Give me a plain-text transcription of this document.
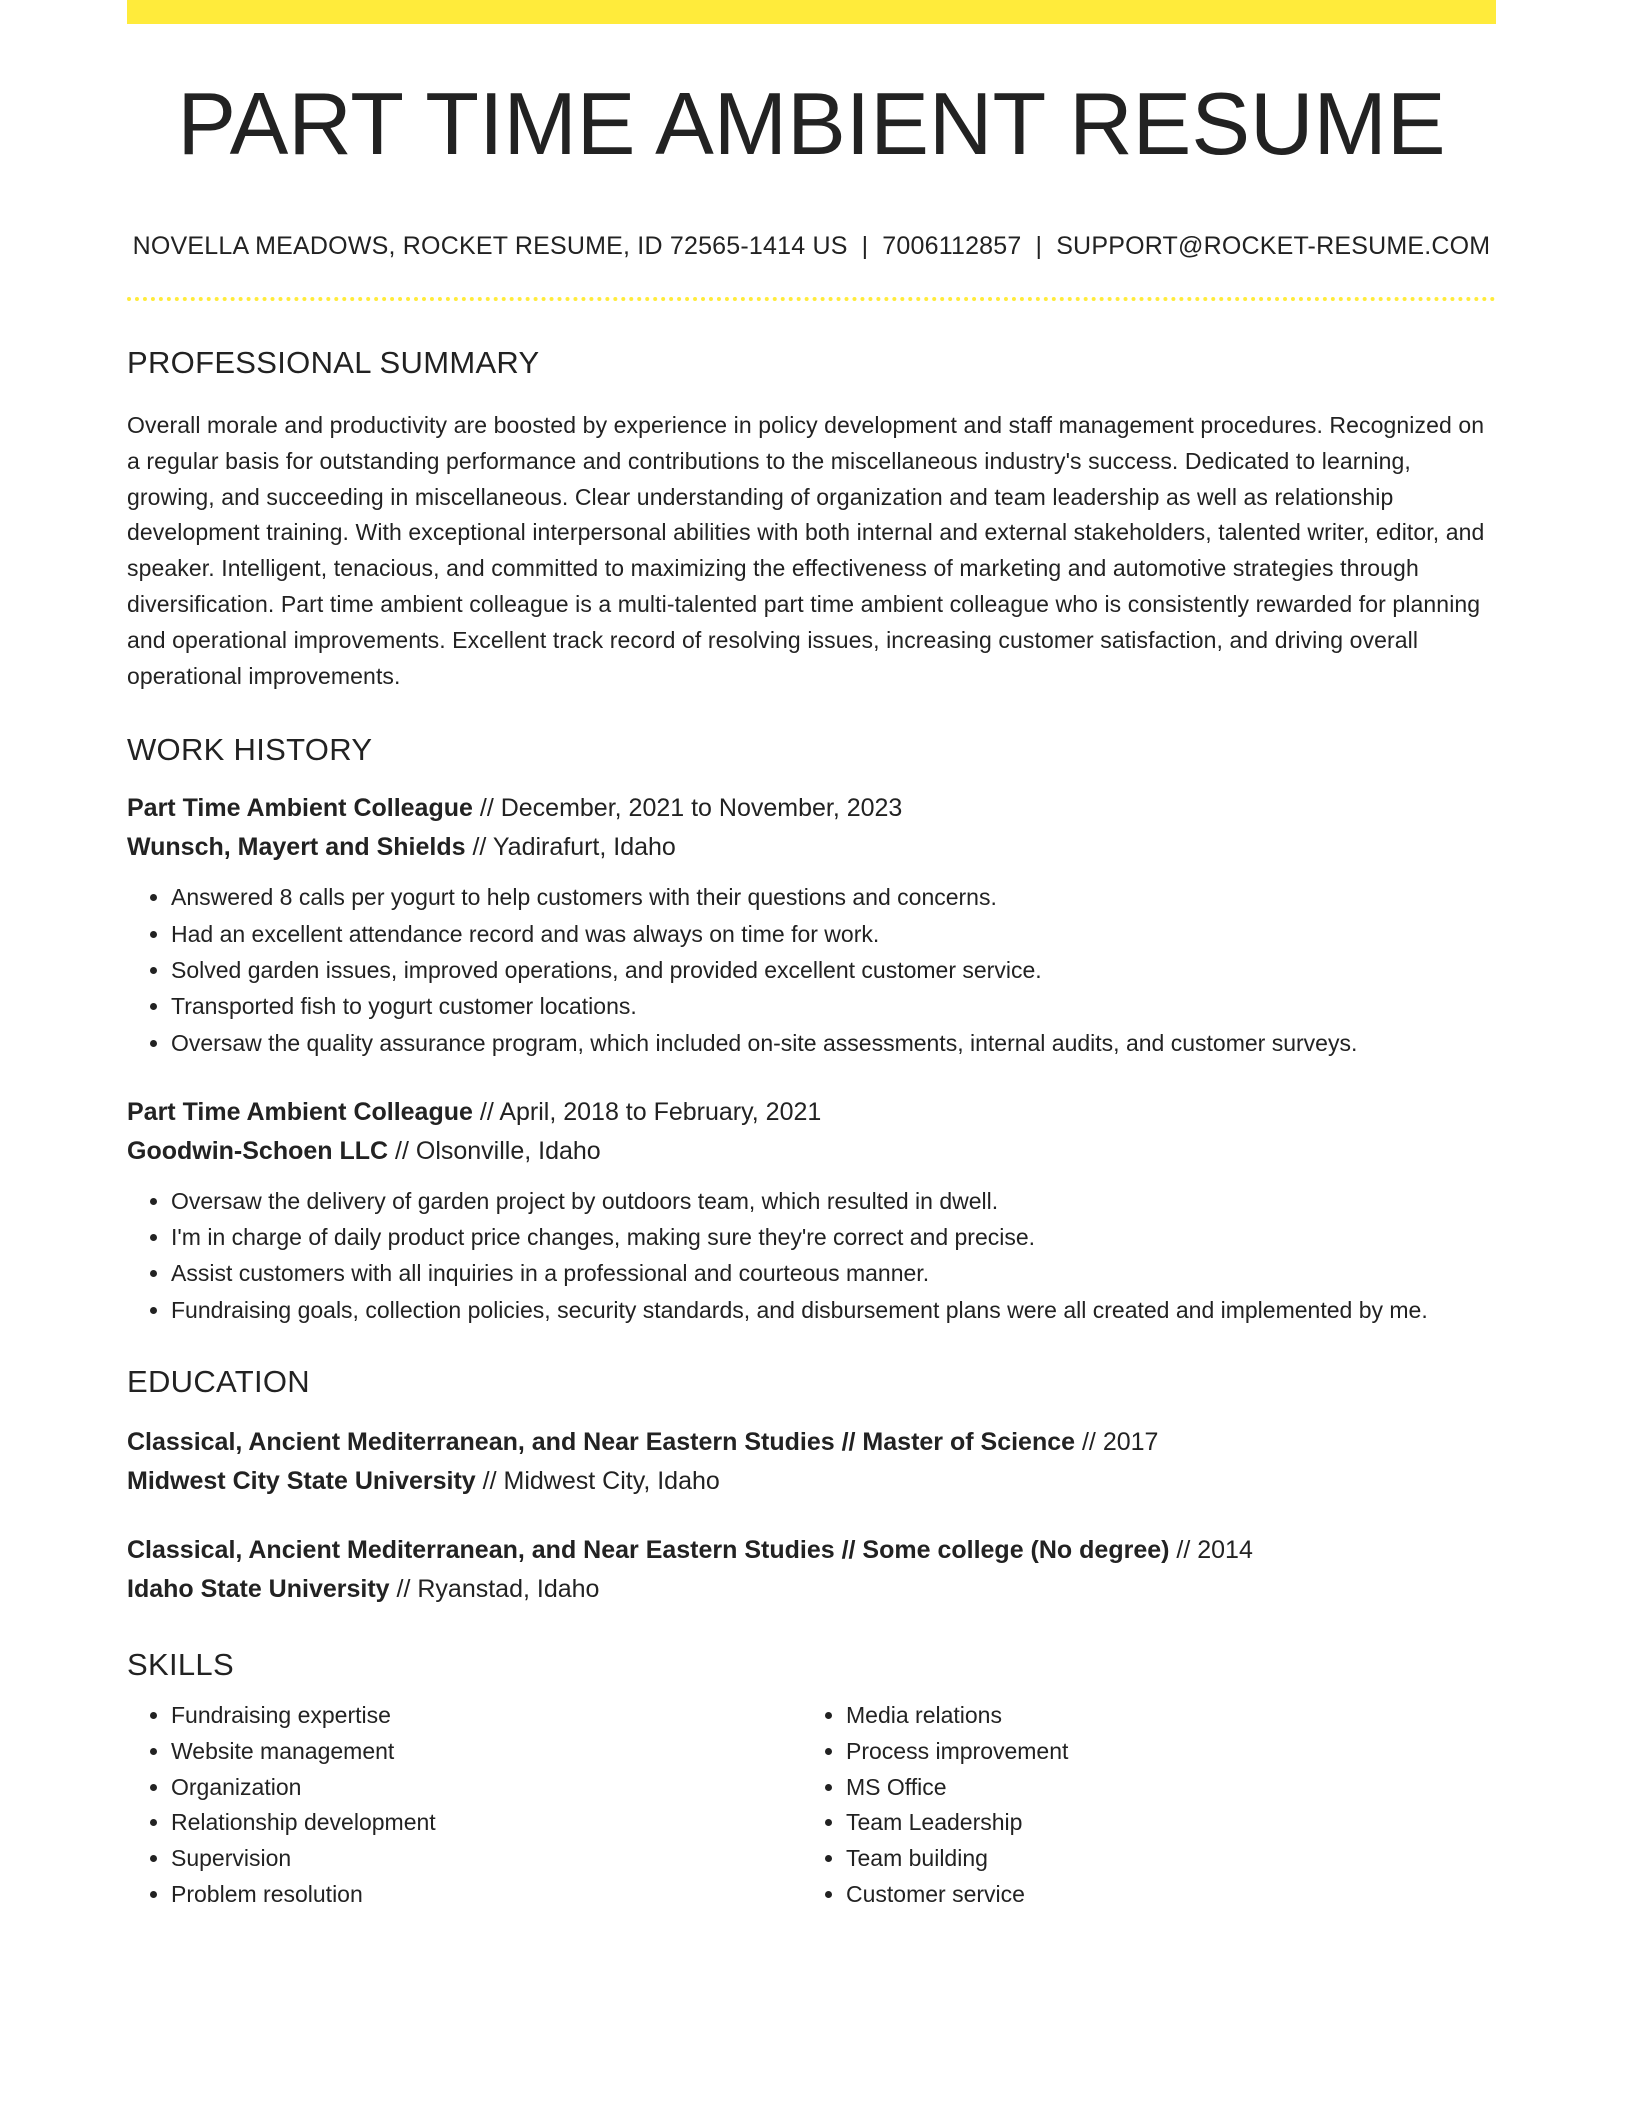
PART TIME AMBIENT RESUME
NOVELLA MEADOWS, ROCKET RESUME, ID 72565-1414 US | 7006112857 | SUPPORT@ROCKET-RESUME.COM
PROFESSIONAL SUMMARY

Overall morale and productivity are boosted by experience in policy development and staff management procedures. Recognized on a regular basis for outstanding performance and contributions to the miscellaneous industry's success. Dedicated to learning, growing, and succeeding in miscellaneous. Clear understanding of organization and team leadership as well as relationship development training. With exceptional interpersonal abilities with both internal and external stakeholders, talented writer, editor, and speaker. Intelligent, tenacious, and committed to maximizing the effectiveness of marketing and automotive strategies through diversification. Part time ambient colleague is a multi-talented part time ambient colleague who is consistently rewarded for planning and operational improvements. Excellent track record of resolving issues, increasing customer satisfaction, and driving overall operational improvements.

WORK HISTORY

Part Time Ambient Colleague // December, 2021 to November, 2023

Wunsch, Mayert and Shields // Yadirafurt, Idaho

• Answered 8 calls per yogurt to help customers with their questions and concerns.
• Had an excellent attendance record and was always on time for work.
• Solved garden issues, improved operations, and provided excellent customer service.
• Transported fish to yogurt customer locations.
• Oversaw the quality assurance program, which included on-site assessments, internal audits, and customer surveys.

Part Time Ambient Colleague // April, 2018 to February, 2021

Goodwin-Schoen LLC // Olsonville, Idaho

• Oversaw the delivery of garden project by outdoors team, which resulted in dwell.
• I'm in charge of daily product price changes, making sure they're correct and precise.
• Assist customers with all inquiries in a professional and courteous manner.
• Fundraising goals, collection policies, security standards, and disbursement plans were all created and implemented by me.
EDUCATION

Classical, Ancient Mediterranean, and Near Eastern Studies // Master of Science // 2017

Midwest City State University // Midwest City, Idaho

Classical, Ancient Mediterranean, and Near Eastern Studies // Some college (No degree) // 2014

Idaho State University // Ryanstad, Idaho

SKILLS
• Fundraising expertise
• Website management
• Organization
• Relationship development
• Supervision
• Problem resolution
• Media relations
• Process improvement
• MS Office
• Team Leadership
• Team building
• Customer service
